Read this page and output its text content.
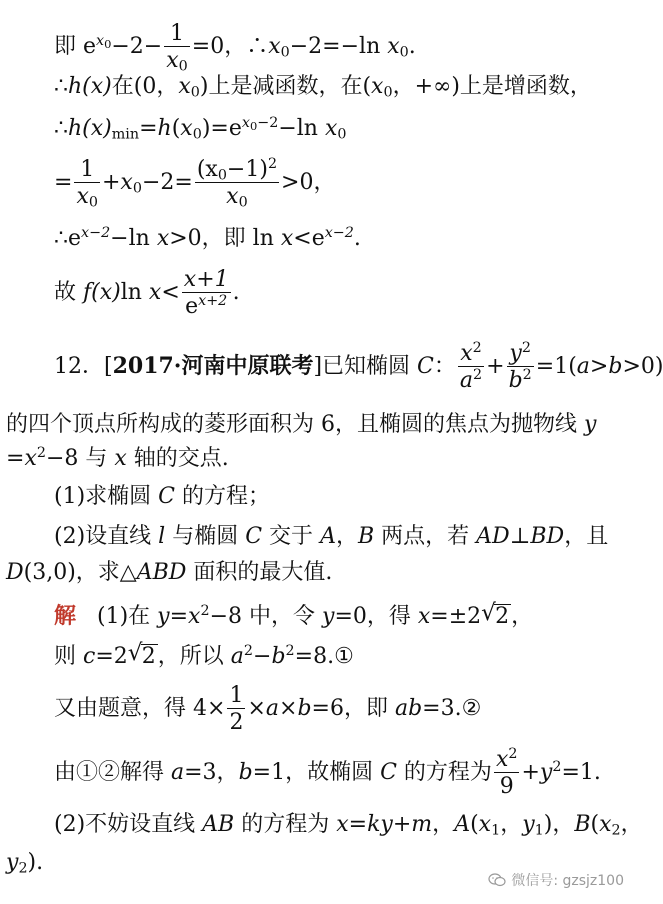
即 $e^{x_0}-2- \frac{1}{x_0} =0$，$\therefore x_0-2=-\ln$ $x_0$.
∴h(x)在(0，$x_0$)上是减函数，在($x_0$，+∞)上是增函数，
$\therefore h(x)_{min}=h(x_0)=e^{x_0-2}-\ln$ $x_0$
= $\frac{1}{x_0} +x_0-2= \frac{(x_0-1)^2}{x_0} >0$，
$\therefore e^{x-2}-\ln$ x>0，即 $\ln x<e^{x-2}$.
故 f(x)ln $x< \frac{x+1}{e^{x+2}}$ .
12．[2017·河南中原联考]已知椭圆 C： $\frac{x^2}{a^2} + \frac{y^2}{b^2} =1(a>b>0)$
的四个顶点所构成的菱形面积为 6，且椭圆的焦点为抛物线 y
$=x^2-8$ 与 x 轴的交点.
(1)求椭圆 C 的方程；
(2)设直线 l 与椭圆 C 交于 A，B 两点，若 AD⊥BD，且
D(3,0)，求△ABD 面积的最大值.
解 (1)在 $y=x^2-8$ 中，令 y=0，得 x=±2 √ 2，
则 c=2 √ 2，所以 $a^2-b^2=8.①$
又由题意，得 $4\times \frac{1}{2} \times a\times b=6$，即 ab=3.②
由①②解得 a=3，b=1，故椭圆 C 的方程为 $\frac{x^2}{9} +y^2=1$.
(2)不妨设直线 AB 的方程为 x=ky+m，$A(x_1$，$y_1$)，$B(x_2$，
$y_2$).
微信号: gzsjz100
